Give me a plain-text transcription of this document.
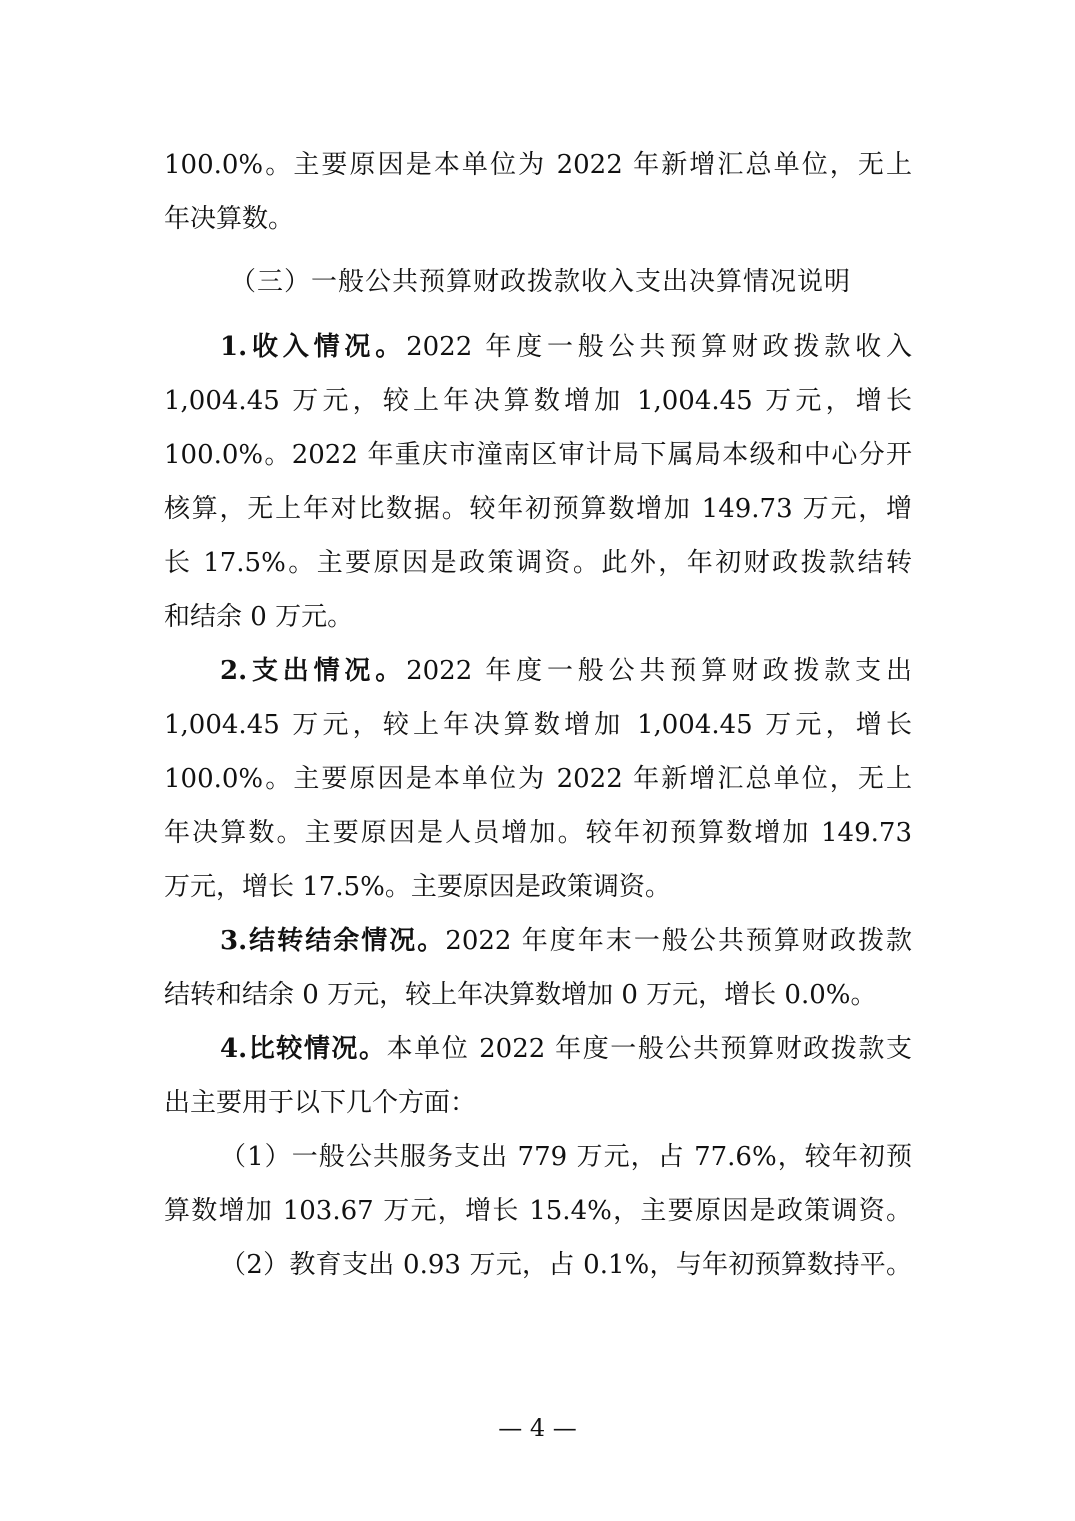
100.0%。主要原因是本单位为 2022 年新增汇总单位，无上
年决算数。
（三）一般公共预算财政拨款收入支出决算情况说明
1.收入情况。2022 年度一般公共预算财政拨款收入
1,004.45 万元，较上年决算数增加 1,004.45 万元，增长
100.0%。2022 年重庆市潼南区审计局下属局本级和中心分开
核算，无上年对比数据。较年初预算数增加 149.73 万元，增
长 17.5%。主要原因是政策调资。此外，年初财政拨款结转
和结余 0 万元。
2.支出情况。2022 年度一般公共预算财政拨款支出
1,004.45 万元，较上年决算数增加 1,004.45 万元，增长
100.0%。主要原因是本单位为 2022 年新增汇总单位，无上
年决算数。主要原因是人员增加。较年初预算数增加 149.73
万元，增长 17.5%。主要原因是政策调资。
3.结转结余情况。2022 年度年末一般公共预算财政拨款
结转和结余 0 万元，较上年决算数增加 0 万元，增长 0.0%。
4.比较情况。本单位 2022 年度一般公共预算财政拨款支
出主要用于以下几个方面：
（1）一般公共服务支出 779 万元，占 77.6%，较年初预
算数增加 103.67 万元，增长 15.4%，主要原因是政策调资。
（2）教育支出 0.93 万元，占 0.1%，与年初预算数持平。
— 4 —
